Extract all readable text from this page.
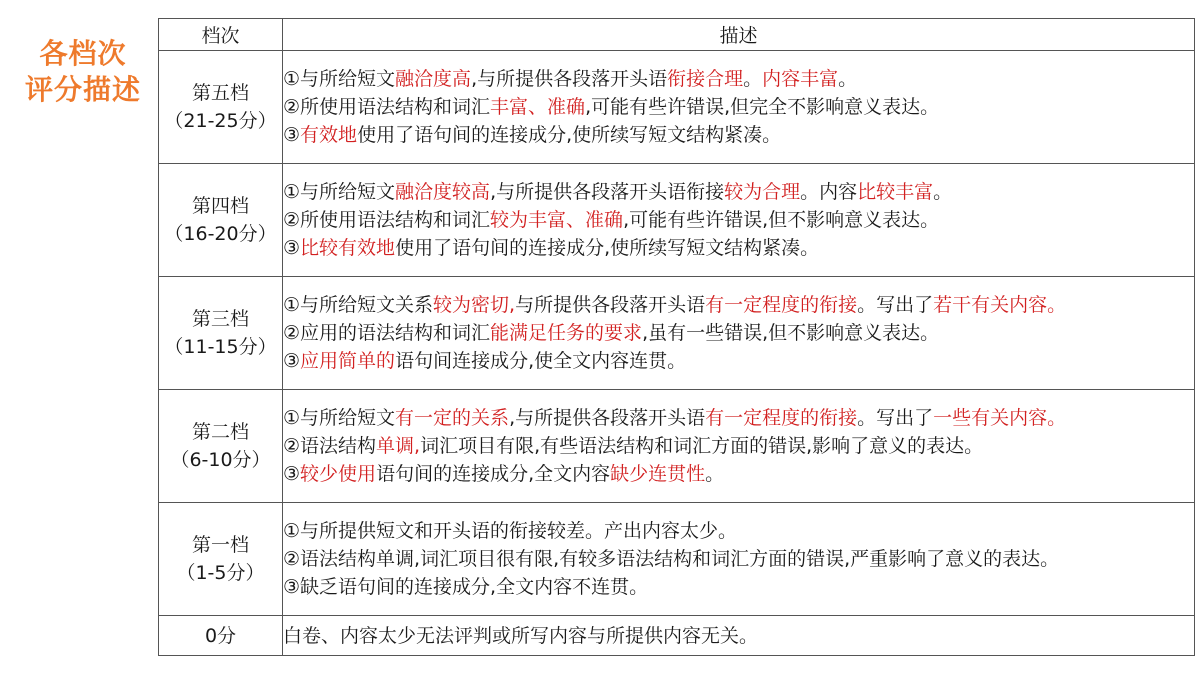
各档次
评分描述
档次	描述

第五档
（21-25分）	①与所给短文融洽度高,与所提供各段落开头语衔接合理。内容丰富。
②所使用语法结构和词汇丰富、准确,可能有些许错误,但完全不影响意义表达。
③有效地使用了语句间的连接成分,使所续写短文结构紧凑。

第四档
（16-20分）	①与所给短文融洽度较高,与所提供各段落开头语衔接较为合理。内容比较丰富。
②所使用语法结构和词汇较为丰富、准确,可能有些许错误,但不影响意义表达。
③比较有效地使用了语句间的连接成分,使所续写短文结构紧凑。

第三档
（11-15分）	①与所给短文关系较为密切,与所提供各段落开头语有一定程度的衔接。写出了若干有关内容。
②应用的语法结构和词汇能满足任务的要求,虽有一些错误,但不影响意义表达。
③应用简单的语句间连接成分,使全文内容连贯。

第二档
（6-10分）	①与所给短文有一定的关系,与所提供各段落开头语有一定程度的衔接。写出了一些有关内容。
②语法结构单调,词汇项目有限,有些语法结构和词汇方面的错误,影响了意义的表达。
③较少使用语句间的连接成分,全文内容缺少连贯性。

第一档
（1-5分）	①与所提供短文和开头语的衔接较差。产出内容太少。
②语法结构单调,词汇项目很有限,有较多语法结构和词汇方面的错误,严重影响了意义的表达。
③缺乏语句间的连接成分,全文内容不连贯。

0分	白卷、内容太少无法评判或所写内容与所提供内容无关。
